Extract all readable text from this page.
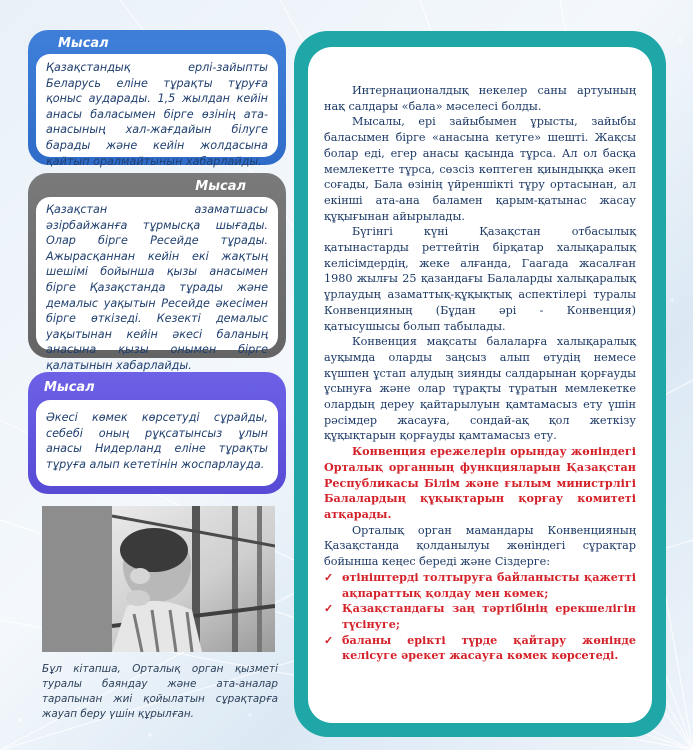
Мысал
Қазақстандық ерлі-зайыпты Беларусь еліне тұрақты тұруға қоныс аударады. 1,5 жылдан кейін анасы баласымен бірге өзінің ата-анасының хал-жағдайын білуге барады және кейін жолдасына қайтып оралмайтынын хабарлайды.
Мысал
Қазақстан азаматшасы әзірбайжанға тұрмысқа шығады. Олар бірге Ресейде тұрады. Ажырасқаннан кейін екі жақтың шешімі бойынша қызы анасымен бірге Қазақстанда тұрады және демалыс уақытын Ресейде әкесімен бірге өткізеді. Кезекті демалыс уақытынан кейін әкесі баланың анасына қызы онымен бірге қалатынын хабарлайды.
Мысал
Әкесі көмек көрсетуді сұрайды, себебі оның рұқсатынсыз ұлын анасы Нидерланд еліне тұрақты тұруға алып кететінін жоспарлауда.
Бұл кітапша, Орталық орган қызметі туралы баяндау және ата-аналар тарапынан жиі қойылатын сұрақтарға жауап беру үшін құрылған.

Интернационалдық некелер саны артуының нақ салдары «бала» мәселесі болды.

Мысалы, ері зайыбымен ұрысты, зайыбы баласымен бірге «анасына кетуге» шешті. Жақсы болар еді, егер анасы қасында тұрса. Ал ол басқа мемлекетте тұрса, сөзсіз көптеген қиындыққа әкеп соғады, Бала өзінің үйреншікті тұру ортасынан, ал екінші ата-ана баламен қарым-қатынас жасау құқығынан айырылады.

Бүгінгі күні Қазақстан отбасылық қатынастарды реттейтін бірқатар халықаралық келісімдердің, жеке алғанда, Гаагада жасалған 1980 жылғы 25 қазандағы Балаларды халықаралық ұрлаудың азаматтық-құқықтық аспектілері туралы Конвенцияның (Бұдан әрі - Конвенция) қатысушысы болып табылады.

Конвенция мақсаты балаларға халықаралық ауқымда оларды заңсыз алып өтудің немесе күшпен ұстап алудың зиянды салдарынан қорғауды ұсынуға және олар тұрақты тұратын мемлекетке олардың дереу қайтарылуын қамтамасыз ету үшін рәсімдер жасауға, сондай-ақ қол жеткізу құқықтарын қорғауды қамтамасыз ету.

Конвенция ережелерін орындау жөніндегі Орталық органның функцияларын Қазақстан Республикасы Білім және ғылым министрлігі Балалардың құқықтарын қорғау комитеті атқарады.

Орталық орган мамандары Конвенцияның Қазақстанда қолданылуы жөніндегі сұрақтар бойынша кеңес береді және Сіздерге:

✓ өтініштерді толтыруға байланысты қажетті ақпараттық қолдау мен көмек;
✓ Қазақстандағы заң тәртібінің ерекшелігін түсінуге;
✓ баланы ерікті түрде қайтару жөнінде келісуге әрекет жасауға көмек көрсетеді.
